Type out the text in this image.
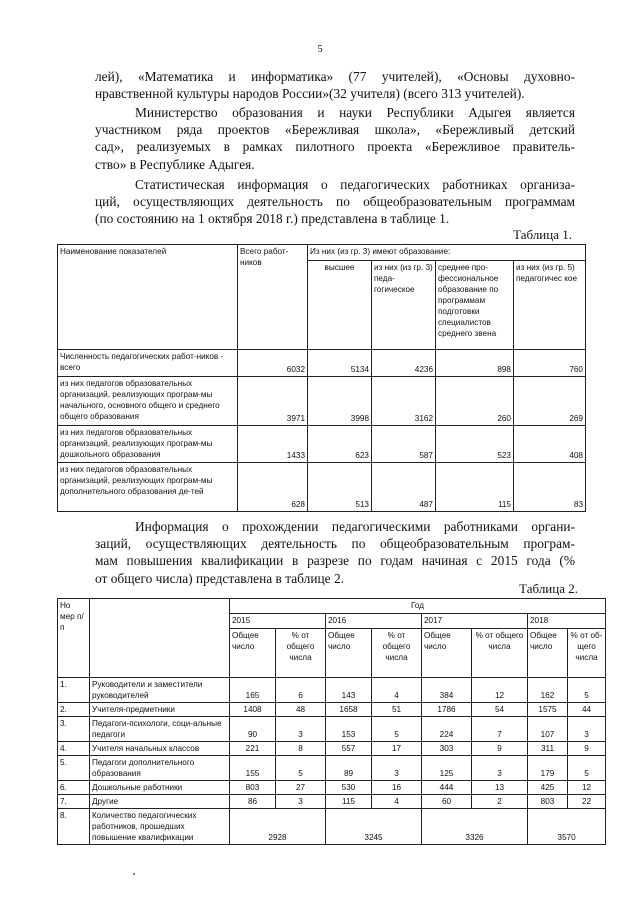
5
лей), «Математика и информатика» (77 учителей), «Основы духовно-
нравственной культуры народов России»(32 учителя) (всего 313 учителей).
Министерство образования и науки Республики Адыгея является
участником ряда проектов «Бережливая школа», «Бережливый детский
сад», реализуемых в рамках пилотного проекта «Бережливое правитель-
ство» в Республике Адыгея.
Статистическая информация о педагогических работниках организа-
ций, осуществляющих деятельность по общеобразовательным программам
(по состоянию на 1 октября 2018 г.) представлена в таблице 1.
Таблица 1.
Наименование показателей	Всего работ-ников	Из них (из гр. 3) имеют образование:			
		высшее	из них (из гр. 3) педа-гогическое	среднее про-фессиональное образование по программам подготовки специалистов среднего звена	из них (из гр. 5) педагогичес кое
Численность педагогических работ-ников - всего	6032	5134	4236	898	760
из них педагогов образовательных организаций, реализующих програм-мы начального, основного общего и среднего общего образования	3971	3998	3162	260	269
из них педагогов образовательных организаций, реализующих програм-мы дошкольного образования	1433	623	587	523	408
из них педагогов образовательных организаций, реализующих програм-мы дополнительного образования де-тей	628	513	487	115	83
Информация о прохождении педагогическими работниками органи-
заций, осуществляющих деятельность по общеобразовательным програм-
мам повышения квалификации в разрезе по годам начиная с 2015 года (%
от общего числа) представлена в таблице 2.
Таблица 2.
Но мер п/п		Год							
		2015		2016		2017		2018	
		Общее число	% от общего числа	Общее число	% от общего числа	Общее число	% от общего числа	Общее число	% от об-щего числа
1.	Руководители и заместители руководителей	165	6	143	4	384	12	162	5
2.	Учителя-предметники	1408	48	1658	51	1786	54	1575	44
3.	Педагоги-психологи, соци-альные педагоги	90	3	153	5	224	7	107	3
4.	Учителя начальных классов	221	8	557	17	303	9	311	9
5.	Педагоги дополнительного образования	155	5	89	3	125	3	179	5
6.	Дошкольные работники	803	27	530	16	444	13	425	12
7.	Другие	86	3	115	4	60	2	803	22
8.	Количество педагогических работников, прошедших повышение квалификации	2928		3245		3326		3570	
